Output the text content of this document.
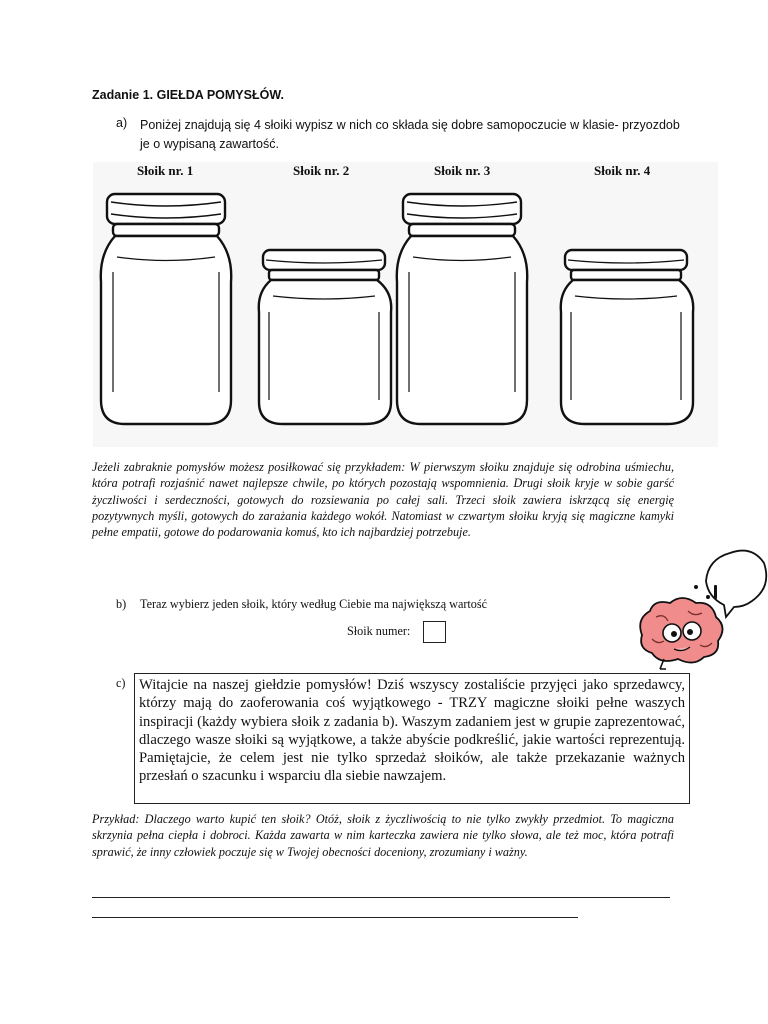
Zadanie 1. GIEŁDA POMYSŁÓW.
a) Poniżej znajdują się 4 słoiki wypisz w nich co składa się dobre samopoczucie w klasie- przyozdob je o wypisaną zawartość.
Słoik nr. 1	Słoik nr. 2	Słoik nr. 3	Słoik nr. 4
Jeżeli zabraknie pomysłów możesz posiłkować się przykładem: W pierwszym słoiku znajduje się odrobina uśmiechu, która potrafi rozjaśnić nawet najlepsze chwile, po których pozostają wspomnienia. Drugi słoik kryje w sobie garść życzliwości i serdeczności, gotowych do rozsiewania po całej sali. Trzeci słoik zawiera iskrzącą się energię pozytywnych myśli, gotowych do zarażania każdego wokół. Natomiast w czwartym słoiku kryją się magiczne kamyki pełne empatii, gotowe do podarowania komuś, kto ich najbardziej potrzebuje.
b) Teraz wybierz jeden słoik, który według Ciebie ma największą wartość
Słoik numer:
c) Witajcie na naszej giełdzie pomysłów! Dziś wszyscy zostaliście przyjęci jako sprzedawcy, którzy mają do zaoferowania coś wyjątkowego - TRZY magiczne słoiki pełne waszych inspiracji (każdy wybiera słoik z zadania b). Waszym zadaniem jest w grupie zaprezentować, dlaczego wasze słoiki są wyjątkowe, a także abyście podkreślić, jakie wartości reprezentują. Pamiętajcie, że celem jest nie tylko sprzedaż słoików, ale także przekazanie ważnych przesłań o szacunku i wsparciu dla siebie nawzajem.
Przykład: Dlaczego warto kupić ten słoik? Otóż, słoik z życzliwością to nie tylko zwykły przedmiot. To magiczna skrzynia pełna ciepła i dobroci. Każda zawarta w nim karteczka zawiera nie tylko słowa, ale też moc, która potrafi sprawić, że inny człowiek poczuje się w Twojej obecności doceniony, zrozumiany i ważny.
